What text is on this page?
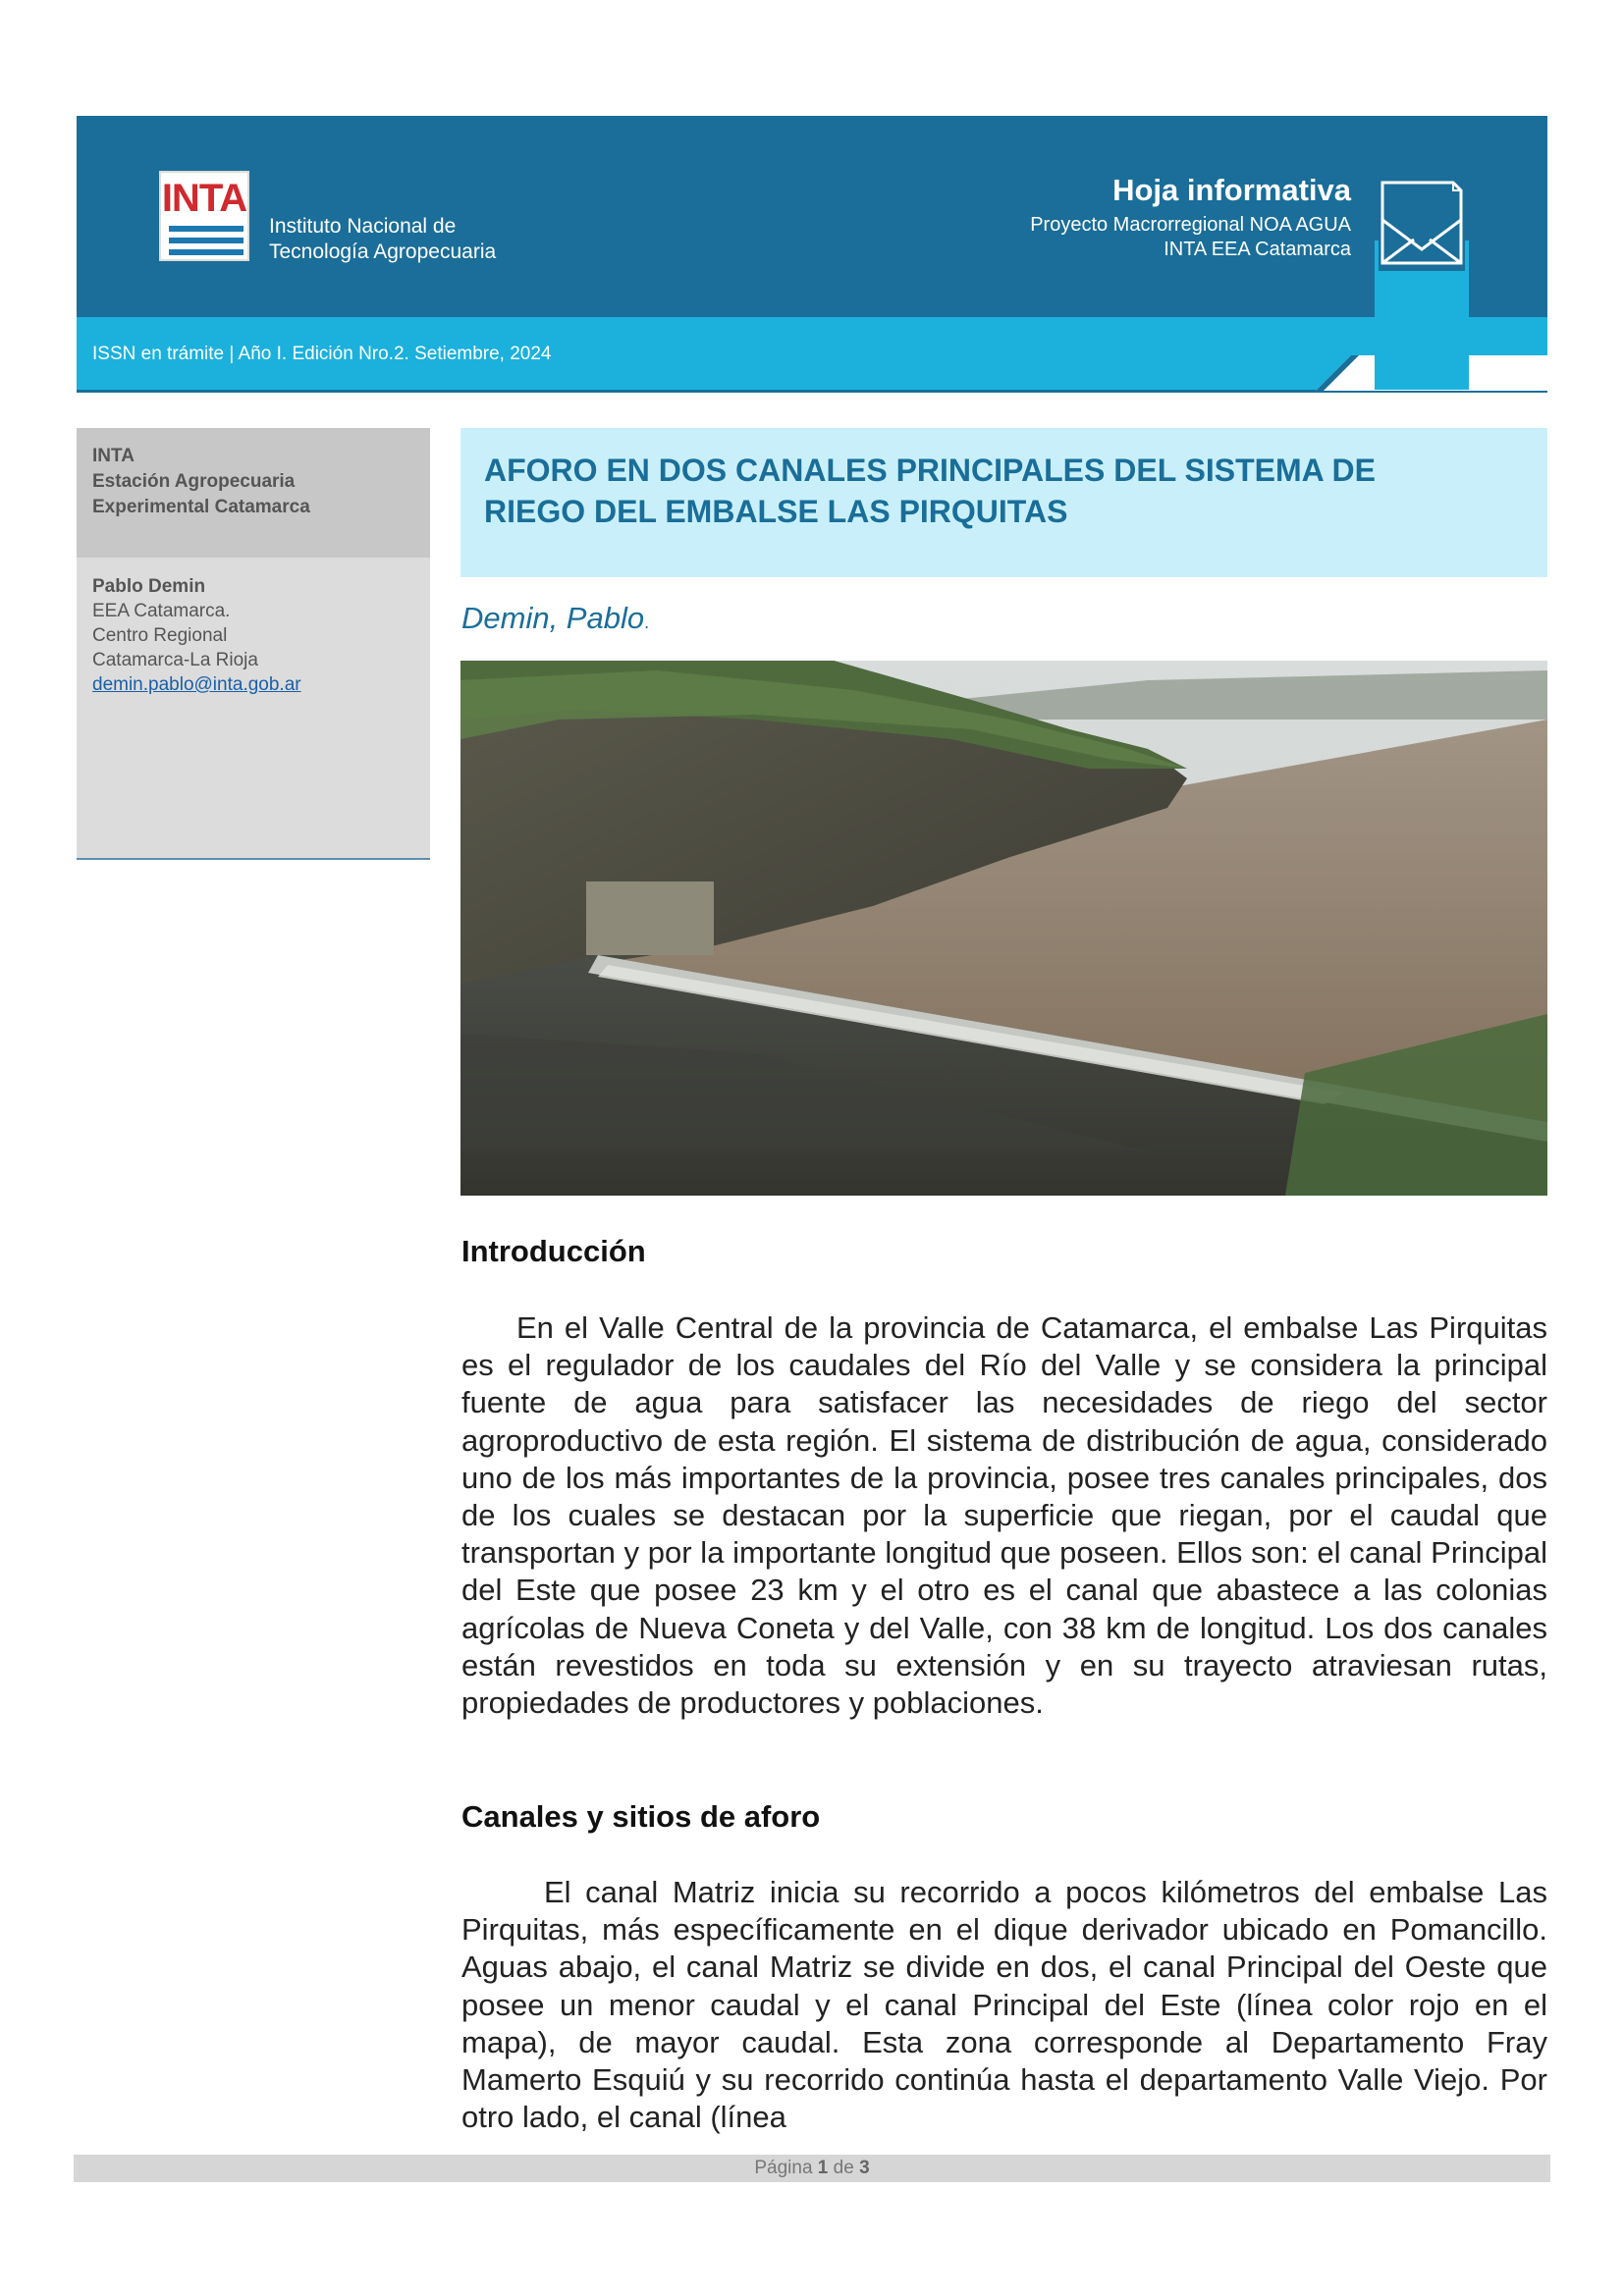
INTA
Instituto Nacional de
Tecnología Agropecuaria
Hoja informativa
Proyecto Macrorregional NOA AGUA
INTA EEA Catamarca
ISSN en trámite | Año I. Edición Nro.2. Setiembre, 2024
INTA
Estación Agropecuaria
Experimental Catamarca
Pablo Demin
EEA Catamarca.
Centro Regional
Catamarca-La Rioja
demin.pablo@inta.gob.ar
AFORO EN DOS CANALES PRINCIPALES DEL SISTEMA DE
RIEGO DEL EMBALSE LAS PIRQUITAS
Demin, Pablo.
Introducción
En el Valle Central de la provincia de Catamarca, el embalse Las Pirquitas es el regulador de los caudales del Río del Valle y se considera la principal fuente de agua para satisfacer las necesidades de riego del sector agroproductivo de esta región. El sistema de distribución de agua, considerado uno de los más importantes de la provincia, posee tres canales principales, dos de los cuales se destacan por la superficie que riegan, por el caudal que transportan y por la importante longitud que poseen. Ellos son: el canal Principal del Este que posee 23 km y el otro es el canal que abastece a las colonias agrícolas de Nueva Coneta y del Valle, con 38 km de longitud. Los dos canales están revestidos en toda su extensión y en su trayecto atraviesan rutas, propiedades de productores y poblaciones.
Canales y sitios de aforo
El canal Matriz inicia su recorrido a pocos kilómetros del embalse Las Pirquitas, más específicamente en el dique derivador ubicado en Pomancillo. Aguas abajo, el canal Matriz se divide en dos, el canal Principal del Oeste que posee un menor caudal y el canal Principal del Este (línea color rojo en el mapa), de mayor caudal. Esta zona corresponde al Departamento Fray Mamerto Esquiú y su recorrido continúa hasta el departamento Valle Viejo. Por otro lado, el canal (línea
Página 1 de 3
